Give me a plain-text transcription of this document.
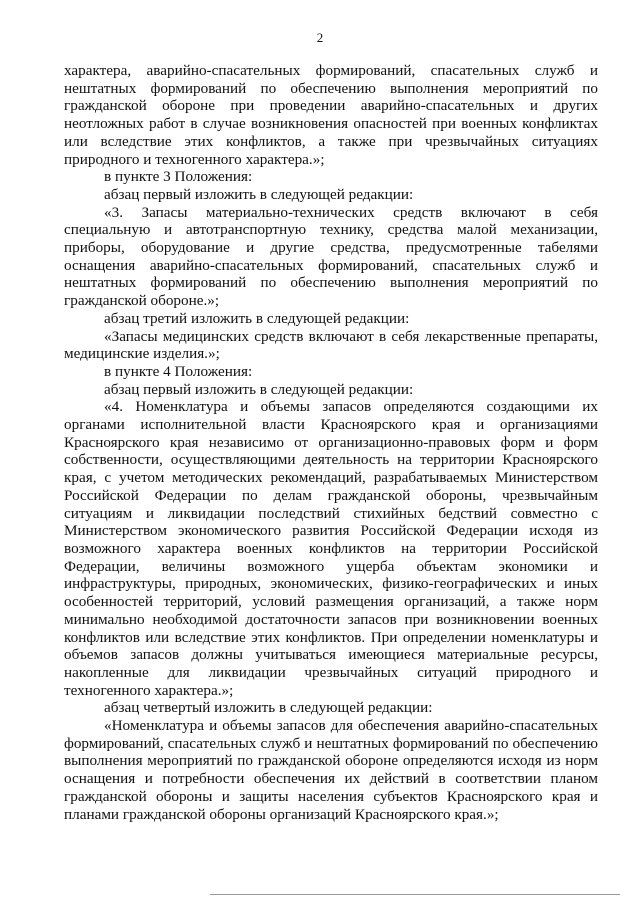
2

характера, аварийно-спасательных формирований, спасательных служб и нештатных формирований по обеспечению выполнения мероприятий по гражданской обороне при проведении аварийно-спасательных и других неотложных работ в случае возникновения опасностей при военных конфликтах или вследствие этих конфликтов, а также при чрезвычайных ситуациях природного и техногенного характера.»;

в пункте 3 Положения:

абзац первый изложить в следующей редакции:

«3. Запасы материально-технических средств включают в себя специальную и автотранспортную технику, средства малой механизации, приборы, оборудование и другие средства, предусмотренные табелями оснащения аварийно-спасательных формирований, спасательных служб и нештатных формирований по обеспечению выполнения мероприятий по гражданской обороне.»;

абзац третий изложить в следующей редакции:

«Запасы медицинских средств включают в себя лекарственные препараты, медицинские изделия.»;

в пункте 4 Положения:

абзац первый изложить в следующей редакции:

«4. Номенклатура и объемы запасов определяются создающими их органами исполнительной власти Красноярского края и организациями Красноярского края независимо от организационно-правовых форм и форм собственности, осуществляющими деятельность на территории Красноярского края, с учетом методических рекомендаций, разрабатываемых Министерством Российской Федерации по делам гражданской обороны, чрезвычайным ситуациям и ликвидации последствий стихийных бедствий совместно с Министерством экономического развития Российской Федерации исходя из возможного характера военных конфликтов на территории Российской Федерации, величины возможного ущерба объектам экономики и инфраструктуры, природных, экономических, физико-географических и иных особенностей территорий, условий размещения организаций, а также норм минимально необходимой достаточности запасов при возникновении военных конфликтов или вследствие этих конфликтов. При определении номенклатуры и объемов запасов должны учитываться имеющиеся материальные ресурсы, накопленные для ликвидации чрезвычайных ситуаций природного и техногенного характера.»;

абзац четвертый изложить в следующей редакции:

«Номенклатура и объемы запасов для обеспечения аварийно-спасательных формирований, спасательных служб и нештатных формирований по обеспечению выполнения мероприятий по гражданской обороне определяются исходя из норм оснащения и потребности обеспечения их действий в соответствии планом гражданской обороны и защиты населения субъектов Красноярского края и планами гражданской обороны организаций Красноярского края.»;
